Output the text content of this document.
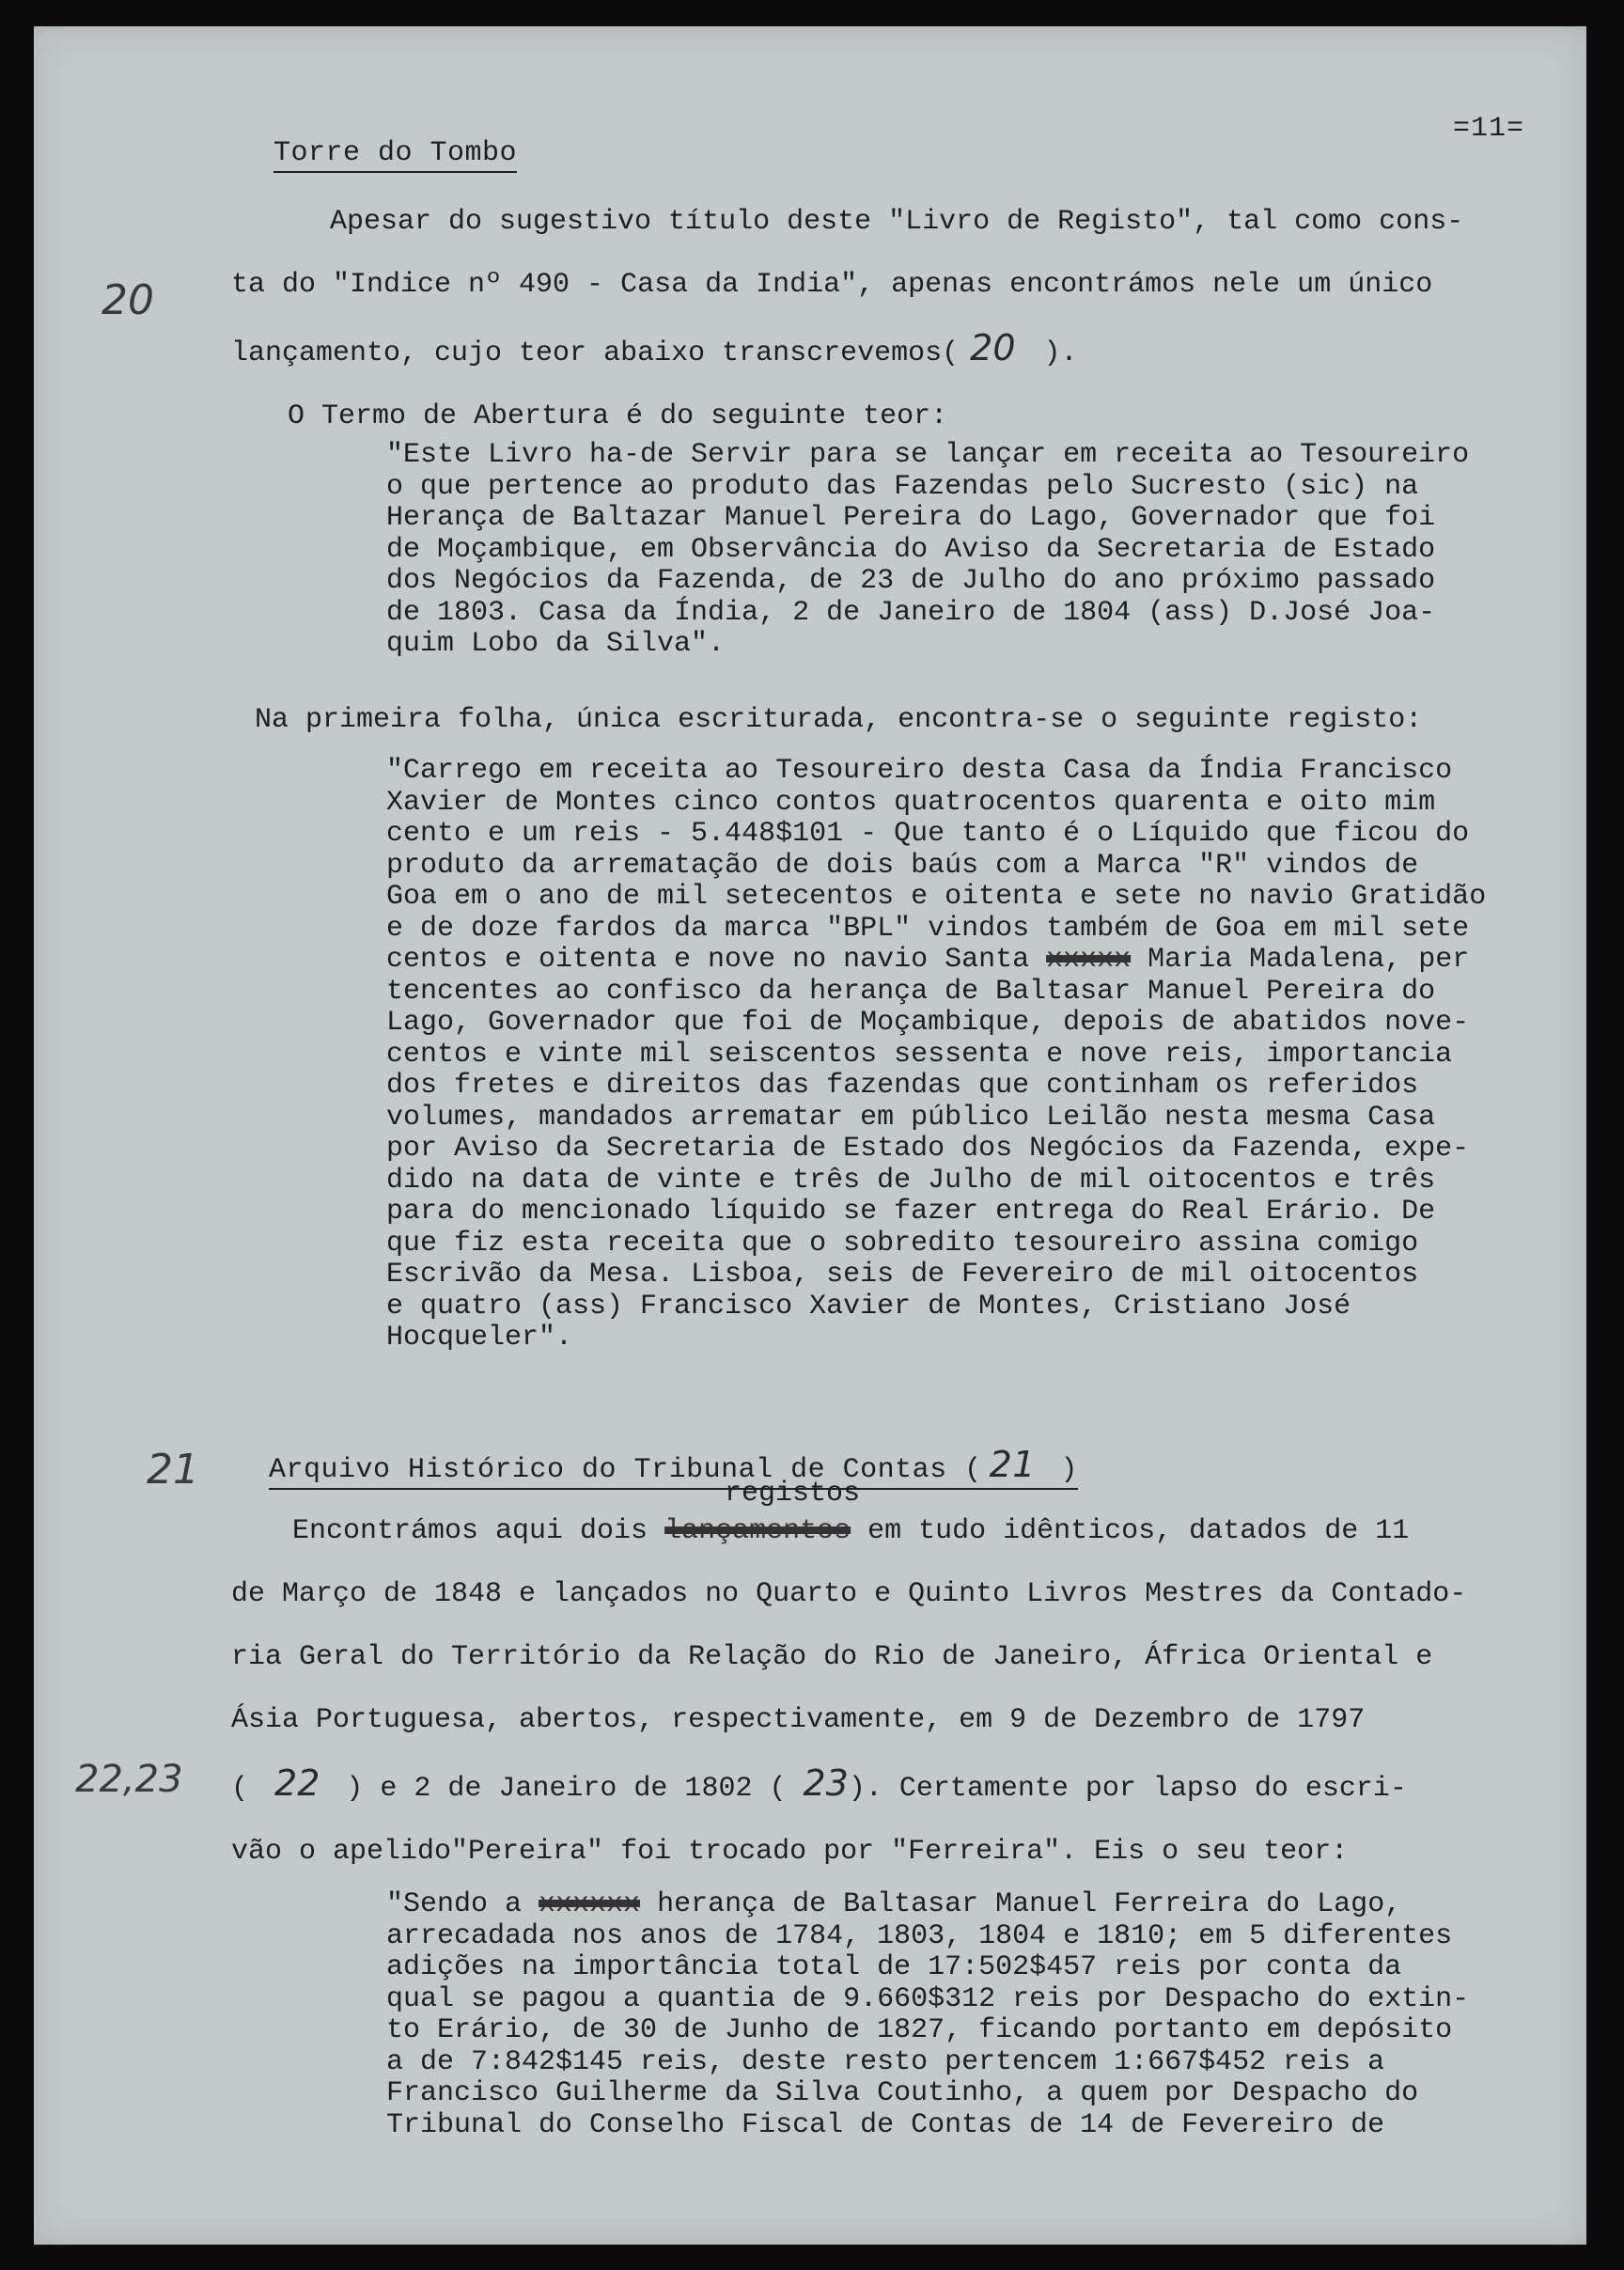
=11=
Torre do Tombo
20
Apesar do sugestivo título deste "Livro de Registo", tal como cons-
ta do "Indice nº 490 - Casa da India", apenas encontrámos nele um único
lançamento, cujo teor abaixo transcrevemos( 20 ).
O Termo de Abertura é do seguinte teor:
"Este Livro ha-de Servir para se lançar em receita ao Tesoureiro
o que pertence ao produto das Fazendas pelo Sucresto (sic) na
Herança de Baltazar Manuel Pereira do Lago, Governador que foi
de Moçambique, em Observância do Aviso da Secretaria de Estado
dos Negócios da Fazenda, de 23 de Julho do ano próximo passado
de 1803. Casa da Índia, 2 de Janeiro de 1804 (ass) D.José Joa-
quim Lobo da Silva".
Na primeira folha, única escriturada, encontra-se o seguinte registo:
"Carrego em receita ao Tesoureiro desta Casa da Índia Francisco
Xavier de Montes cinco contos quatrocentos quarenta e oito mim
cento e um reis - 5.448$101 - Que tanto é o Líquido que ficou do
produto da arrematação de dois baús com a Marca "R" vindos de
Goa em o ano de mil setecentos e oitenta e sete no navio Gratidão
e de doze fardos da marca "BPL" vindos também de Goa em mil sete
centos e oitenta e nove no navio Santa xxxxx Maria Madalena, per
tencentes ao confisco da herança de Baltasar Manuel Pereira do
Lago, Governador que foi de Moçambique, depois de abatidos nove-
centos e vinte mil seiscentos sessenta e nove reis, importancia
dos fretes e direitos das fazendas que continham os referidos
volumes, mandados arrematar em público Leilão nesta mesma Casa
por Aviso da Secretaria de Estado dos Negócios da Fazenda, expe-
dido na data de vinte e três de Julho de mil oitocentos e três
para do mencionado líquido se fazer entrega do Real Erário. De
que fiz esta receita que o sobredito tesoureiro assina comigo
Escrivão da Mesa. Lisboa, seis de Fevereiro de mil oitocentos
e quatro (ass) Francisco Xavier de Montes, Cristiano José
Hocqueler".
21 Arquivo Histórico do Tribunal de Contas ( 21 )
registos
22,23
Encontrámos aqui dois lançamentos em tudo idênticos, datados de 11
de Março de 1848 e lançados no Quarto e Quinto Livros Mestres da Contado-
ria Geral do Território da Relação do Rio de Janeiro, África Oriental e
Ásia Portuguesa, abertos, respectivamente, em 9 de Dezembro de 1797
( 22 ) e 2 de Janeiro de 1802 ( 23). Certamente por lapso do escri-
vão o apelido"Pereira" foi trocado por "Ferreira". Eis o seu teor:
"Sendo a xxxxxx herança de Baltasar Manuel Ferreira do Lago,
arrecadada nos anos de 1784, 1803, 1804 e 1810; em 5 diferentes
adições na importância total de 17:502$457 reis por conta da
qual se pagou a quantia de 9.660$312 reis por Despacho do extin-
to Erário, de 30 de Junho de 1827, ficando portanto em depósito
a de 7:842$145 reis, deste resto pertencem 1:667$452 reis a
Francisco Guilherme da Silva Coutinho, a quem por Despacho do
Tribunal do Conselho Fiscal de Contas de 14 de Fevereiro de
